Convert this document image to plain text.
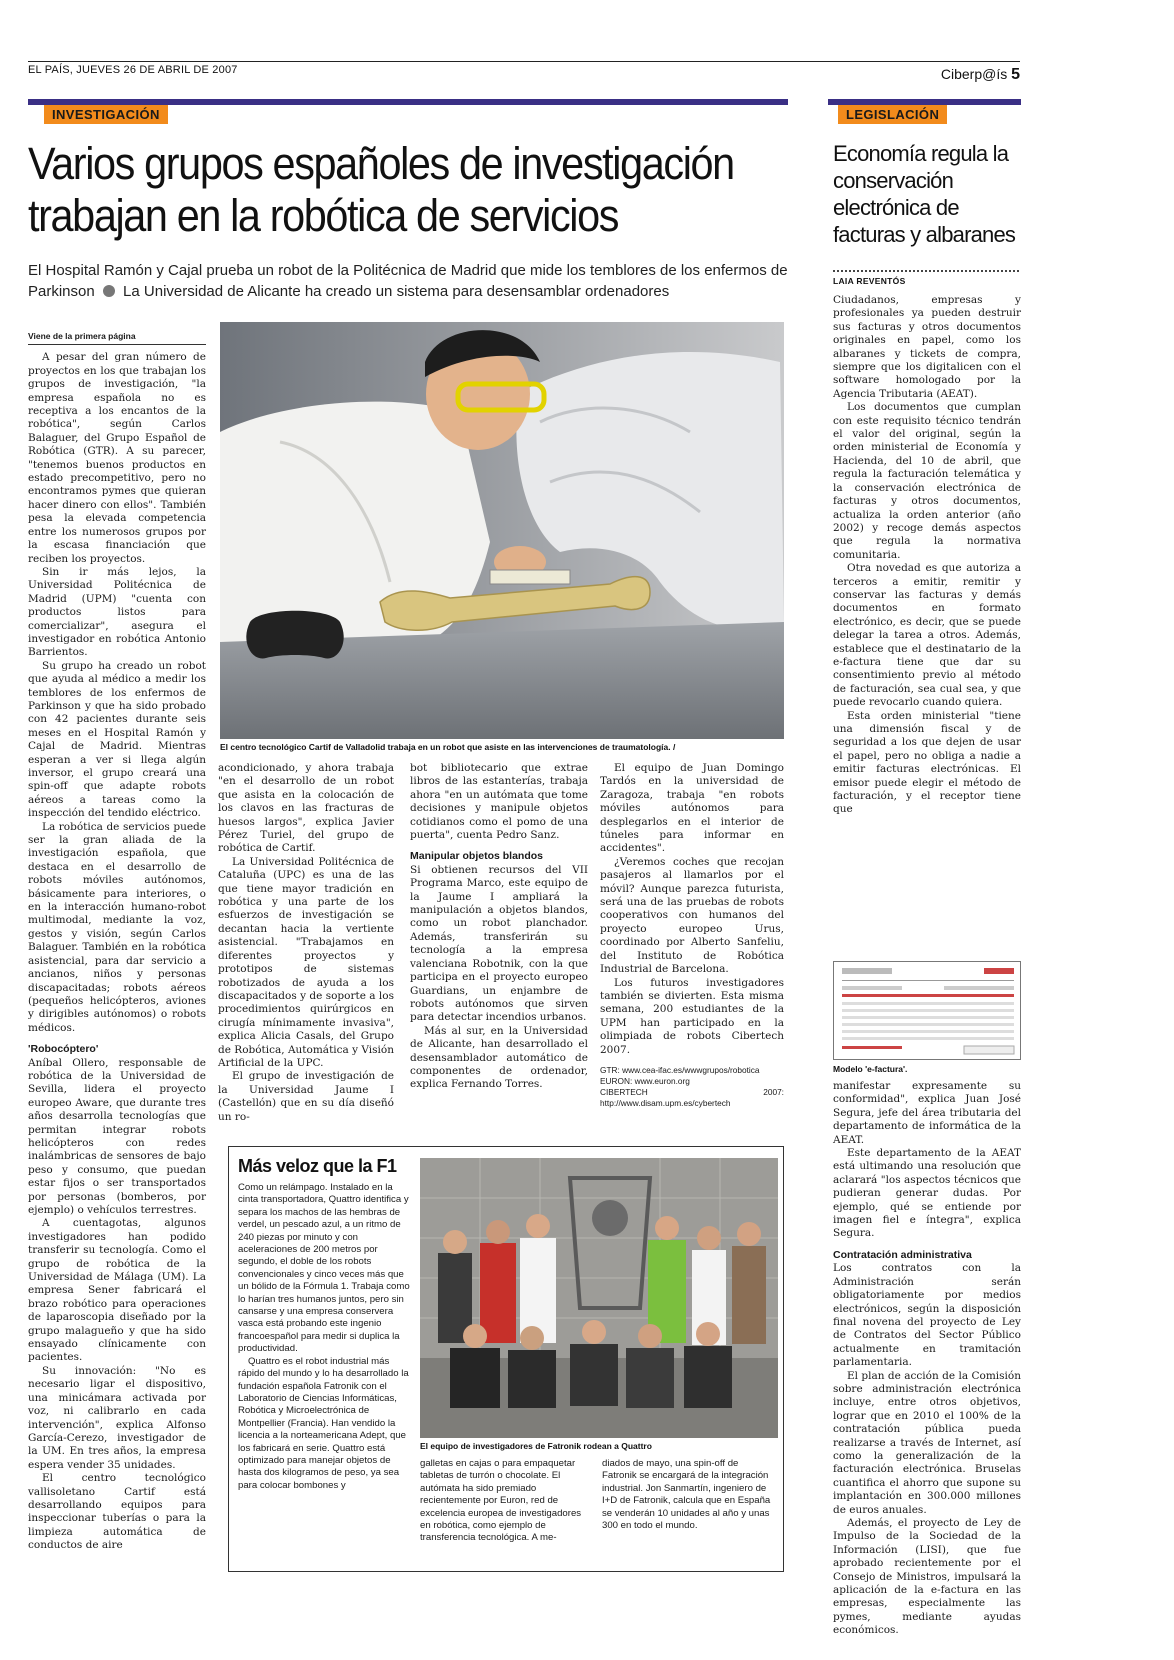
EL PAÍS, JUEVES 26 DE ABRIL DE 2007	Ciberp@ís 5
INVESTIGACIÓN	LEGISLACIÓN
Varios grupos españoles de investigación
trabajan en la robótica de servicios
El Hospital Ramón y Cajal prueba un robot de la Politécnica de Madrid que mide los temblores de los enfermos de Parkinson La Universidad de Alicante ha creado un sistema para desensamblar ordenadores
Viene de la primera página

A pesar del gran número de proyectos en los que trabajan los grupos de investigación, "la empresa española no es receptiva a los encantos de la robótica", según Carlos Balaguer, del Grupo Español de Robótica (GTR). A su parecer, "tenemos buenos productos en estado precompetitivo, pero no encontramos pymes que quieran hacer dinero con ellos". También pesa la elevada competencia entre los numerosos grupos por la escasa financiación que reciben los proyectos.

Sin ir más lejos, la Universidad Politécnica de Madrid (UPM) "cuenta con productos listos para comercializar", asegura el investigador en robótica Antonio Barrientos.

Su grupo ha creado un robot que ayuda al médico a medir los temblores de los enfermos de Parkinson y que ha sido probado con 42 pacientes durante seis meses en el Hospital Ramón y Cajal de Madrid. Mientras esperan a ver si llega algún inversor, el grupo creará una spin-off que adapte robots aéreos a tareas como la inspección del tendido eléctrico.

La robótica de servicios puede ser la gran aliada de la investigación española, que destaca en el desarrollo de robots móviles autónomos, básicamente para interiores, o en la interacción humano-robot multimodal, mediante la voz, gestos y visión, según Carlos Balaguer. También en la robótica asistencial, para dar servicio a ancianos, niños y personas discapacitadas; robots aéreos (pequeños helicópteros, aviones y dirigibles autónomos) o robots médicos.

'Robocóptero'

Aníbal Ollero, responsable de robótica de la Universidad de Sevilla, lidera el proyecto europeo Aware, que durante tres años desarrolla tecnologías que permitan integrar robots helicópteros con redes inalámbricas de sensores de bajo peso y consumo, que puedan estar fijos o ser transportados por personas (bomberos, por ejemplo) o vehículos terrestres.

A cuentagotas, algunos investigadores han podido transferir su tecnología. Como el grupo de robótica de la Universidad de Málaga (UM). La empresa Sener fabricará el brazo robótico para operaciones de laparoscopia diseñado por la grupo malagueño y que ha sido ensayado clínicamente con pacientes.

Su innovación: "No es necesario ligar el dispositivo, una minicámara activada por voz, ni calibrarlo en cada intervención", explica Alfonso García-Cerezo, investigador de la UM. En tres años, la empresa espera vender 35 unidades.

El centro tecnológico vallisoletano Cartif está desarrollando equipos para inspeccionar tuberías o para la limpieza automática de conductos de aire

El centro tecnológico Cartif de Valladolid trabaja en un robot que asiste en las intervenciones de traumatología. /

acondicionado, y ahora trabaja "en el desarrollo de un robot que asista en la colocación de los clavos en las fracturas de huesos largos", explica Javier Pérez Turiel, del grupo de robótica de Cartif.

La Universidad Politécnica de Cataluña (UPC) es una de las que tiene mayor tradición en robótica y una parte de los esfuerzos de investigación se decantan hacia la vertiente asistencial. "Trabajamos en diferentes proyectos y prototipos de sistemas robotizados de ayuda a los discapacitados y de soporte a los procedimientos quirúrgicos en cirugía mínimamente invasiva", explica Alicia Casals, del Grupo de Robótica, Automática y Visión Artificial de la UPC.

El grupo de investigación de la Universidad Jaume I (Castellón) que en su día diseñó un ro-

bot bibliotecario que extrae libros de las estanterías, trabaja ahora "en un autómata que tome decisiones y manipule objetos cotidianos como el pomo de una puerta", cuenta Pedro Sanz.

Manipular objetos blandos

Si obtienen recursos del VII Programa Marco, este equipo de la Jaume I ampliará la manipulación a objetos blandos, como un robot planchador. Además, transferirán su tecnología a la empresa valenciana Robotnik, con la que participa en el proyecto europeo Guardians, un enjambre de robots autónomos que sirven para detectar incendios urbanos.

Más al sur, en la Universidad de Alicante, han desarrollado el desensamblador automático de componentes de ordenador, explica Fernando Torres.

El equipo de Juan Domingo Tardós en la universidad de Zaragoza, trabaja "en robots móviles autónomos para desplegarlos en el interior de túneles para informar en accidentes".

¿Veremos coches que recojan pasajeros al llamarlos por el móvil? Aunque parezca futurista, será una de las pruebas de robots cooperativos con humanos del proyecto europeo Urus, coordinado por Alberto Sanfeliu, del Instituto de Robótica Industrial de Barcelona.

Los futuros investigadores también se divierten. Esta misma semana, 200 estudiantes de la UPM han participado en la olimpiada de robots Cibertech 2007.

GTR: www.cea-ifac.es/wwwgrupos/robotica
EURON: www.euron.org
CIBERTECH 2007: http://www.disam.upm.es/cybertech
Más veloz que la F1

Como un relámpago. Instalado en la cinta transportadora, Quattro identifica y separa los machos de las hembras de verdel, un pescado azul, a un ritmo de 240 piezas por minuto y con aceleraciones de 200 metros por segundo, el doble de los robots convencionales y cinco veces más que un bólido de la Fórmula 1. Trabaja como lo harían tres humanos juntos, pero sin cansarse y una empresa conservera vasca está probando este ingenio francoespañol para medir si duplica la productividad.

Quattro es el robot industrial más rápido del mundo y lo ha desarrollado la fundación española Fatronik con el Laboratorio de Ciencias Informáticas, Robótica y Microelectrónica de Montpellier (Francia). Han vendido la licencia a la norteamericana Adept, que los fabricará en serie. Quattro está optimizado para manejar objetos de hasta dos kilogramos de peso, ya sea para colocar bombones y

El equipo de investigadores de Fatronik rodean a Quattro

galletas en cajas o para empaquetar tabletas de turrón o chocolate. El autómata ha sido premiado recientemente por Euron, red de excelencia europea de investigadores en robótica, como ejemplo de transferencia tecnológica. A me-

diados de mayo, una spin-off de Fatronik se encargará de la integración industrial. Jon Sanmartín, ingeniero de I+D de Fatronik, calcula que en España se venderán 10 unidades al año y unas 300 en todo el mundo.

Economía regula la conservación electrónica de facturas y albaranes
LAIA REVENTÓS

Ciudadanos, empresas y profesionales ya pueden destruir sus facturas y otros documentos originales en papel, como los albaranes y tickets de compra, siempre que los digitalicen con el software homologado por la Agencia Tributaria (AEAT).

Los documentos que cumplan con este requisito técnico tendrán el valor del original, según la orden ministerial de Economía y Hacienda, del 10 de abril, que regula la facturación telemática y la conservación electrónica de facturas y otros documentos, actualiza la orden anterior (año 2002) y recoge demás aspectos que regula la normativa comunitaria.

Otra novedad es que autoriza a terceros a emitir, remitir y conservar las facturas y demás documentos en formato electrónico, es decir, que se puede delegar la tarea a otros. Además, establece que el destinatario de la e-factura tiene que dar su consentimiento previo al método de facturación, sea cual sea, y que puede revocarlo cuando quiera.

Esta orden ministerial "tiene una dimensión fiscal y de seguridad a los que dejen de usar el papel, pero no obliga a nadie a emitir facturas electrónicas. El emisor puede elegir el método de facturación, y el receptor tiene que

Modelo 'e-factura'.

manifestar expresamente su conformidad", explica Juan José Segura, jefe del área tributaria del departamento de informática de la AEAT.

Este departamento de la AEAT está ultimando una resolución que aclarará "los aspectos técnicos que pudieran generar dudas. Por ejemplo, qué se entiende por imagen fiel e íntegra", explica Segura.

Contratación administrativa

Los contratos con la Administración serán obligatoriamente por medios electrónicos, según la disposición final novena del proyecto de Ley de Contratos del Sector Público actualmente en tramitación parlamentaria.

El plan de acción de la Comisión sobre administración electrónica incluye, entre otros objetivos, lograr que en 2010 el 100% de la contratación pública pueda realizarse a través de Internet, así como la generalización de la facturación electrónica. Bruselas cuantifica el ahorro que supone su implantación en 300.000 millones de euros anuales.

Además, el proyecto de Ley de Impulso de la Sociedad de la Información (LISI), que fue aprobado recientemente por el Consejo de Ministros, impulsará la aplicación de la e-factura en las empresas, especialmente las pymes, mediante ayudas económicos.
